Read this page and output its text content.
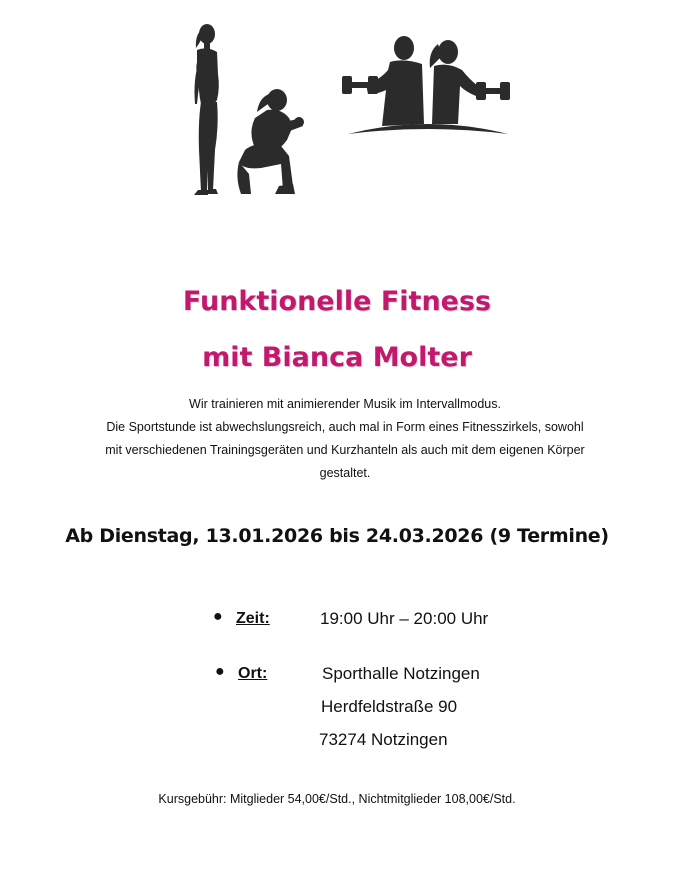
Funktionelle Fitness
mit Bianca Molter
Wir trainieren mit animierender Musik im Intervallmodus.
Die Sportstunde ist abwechslungsreich, auch mal in Form eines Fitnesszirkels, sowohl
mit verschiedenen Trainingsgeräten und Kurzhanteln als auch mit dem eigenen Körper
gestaltet.
Ab Dienstag, 13.01.2026 bis 24.03.2026 (9 Termine)
● Zeit:	19:00 Uhr – 20:00 Uhr
● Ort:	Sporthalle Notzingen
Herdfeldstraße 90
73274 Notzingen
Kursgebühr: Mitglieder 54,00€/Std., Nichtmitglieder 108,00€/Std.
